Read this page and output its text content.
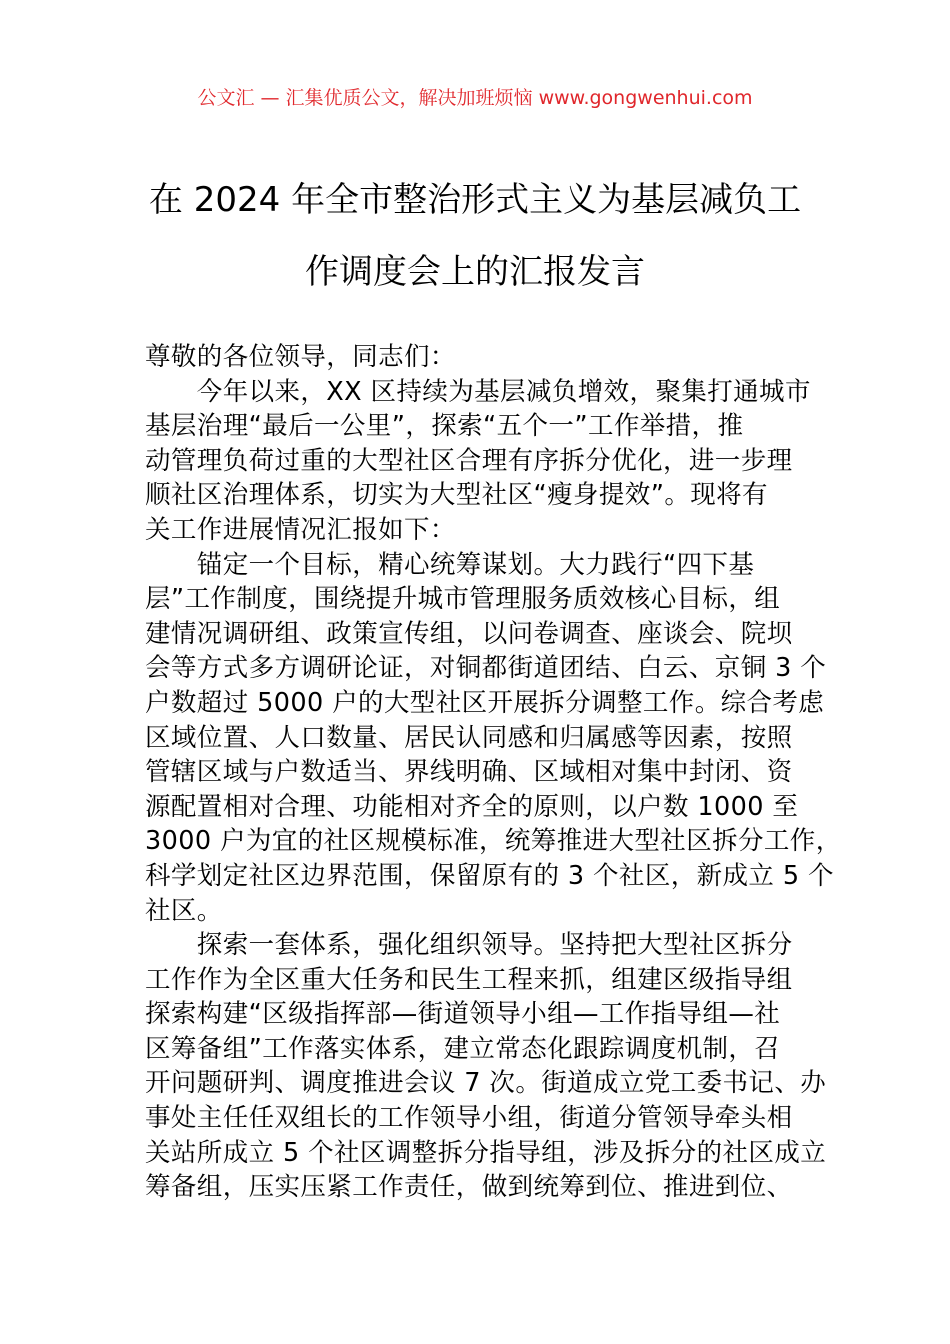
公文汇 — 汇集优质公文，解决加班烦恼 www.gongwenhui.com
在 2024 年全市整治形式主义为基层减负工
作调度会上的汇报发言
尊敬的各位领导，同志们：
　　今年以来，XX 区持续为基层减负增效，聚集打通城市
基层治理“最后一公里”，探索“五个一”工作举措，推
动管理负荷过重的大型社区合理有序拆分优化，进一步理
顺社区治理体系，切实为大型社区“瘦身提效”。现将有
关工作进展情况汇报如下：
　　锚定一个目标，精心统筹谋划。大力践行“四下基
层”工作制度，围绕提升城市管理服务质效核心目标，组
建情况调研组、政策宣传组，以问卷调查、座谈会、院坝
会等方式多方调研论证，对铜都街道团结、白云、京铜 3 个
户数超过 5000 户的大型社区开展拆分调整工作。综合考虑
区域位置、人口数量、居民认同感和归属感等因素，按照
管辖区域与户数适当、界线明确、区域相对集中封闭、资
源配置相对合理、功能相对齐全的原则，以户数 1000 至
3000 户为宜的社区规模标准，统筹推进大型社区拆分工作，
科学划定社区边界范围，保留原有的 3 个社区，新成立 5 个
社区。
　　探索一套体系，强化组织领导。坚持把大型社区拆分
工作作为全区重大任务和民生工程来抓，组建区级指导组
探索构建“区级指挥部—街道领导小组—工作指导组—社
区筹备组”工作落实体系，建立常态化跟踪调度机制，召
开问题研判、调度推进会议 7 次。街道成立党工委书记、办
事处主任任双组长的工作领导小组，街道分管领导牵头相
关站所成立 5 个社区调整拆分指导组，涉及拆分的社区成立
筹备组，压实压紧工作责任，做到统筹到位、推进到位、
